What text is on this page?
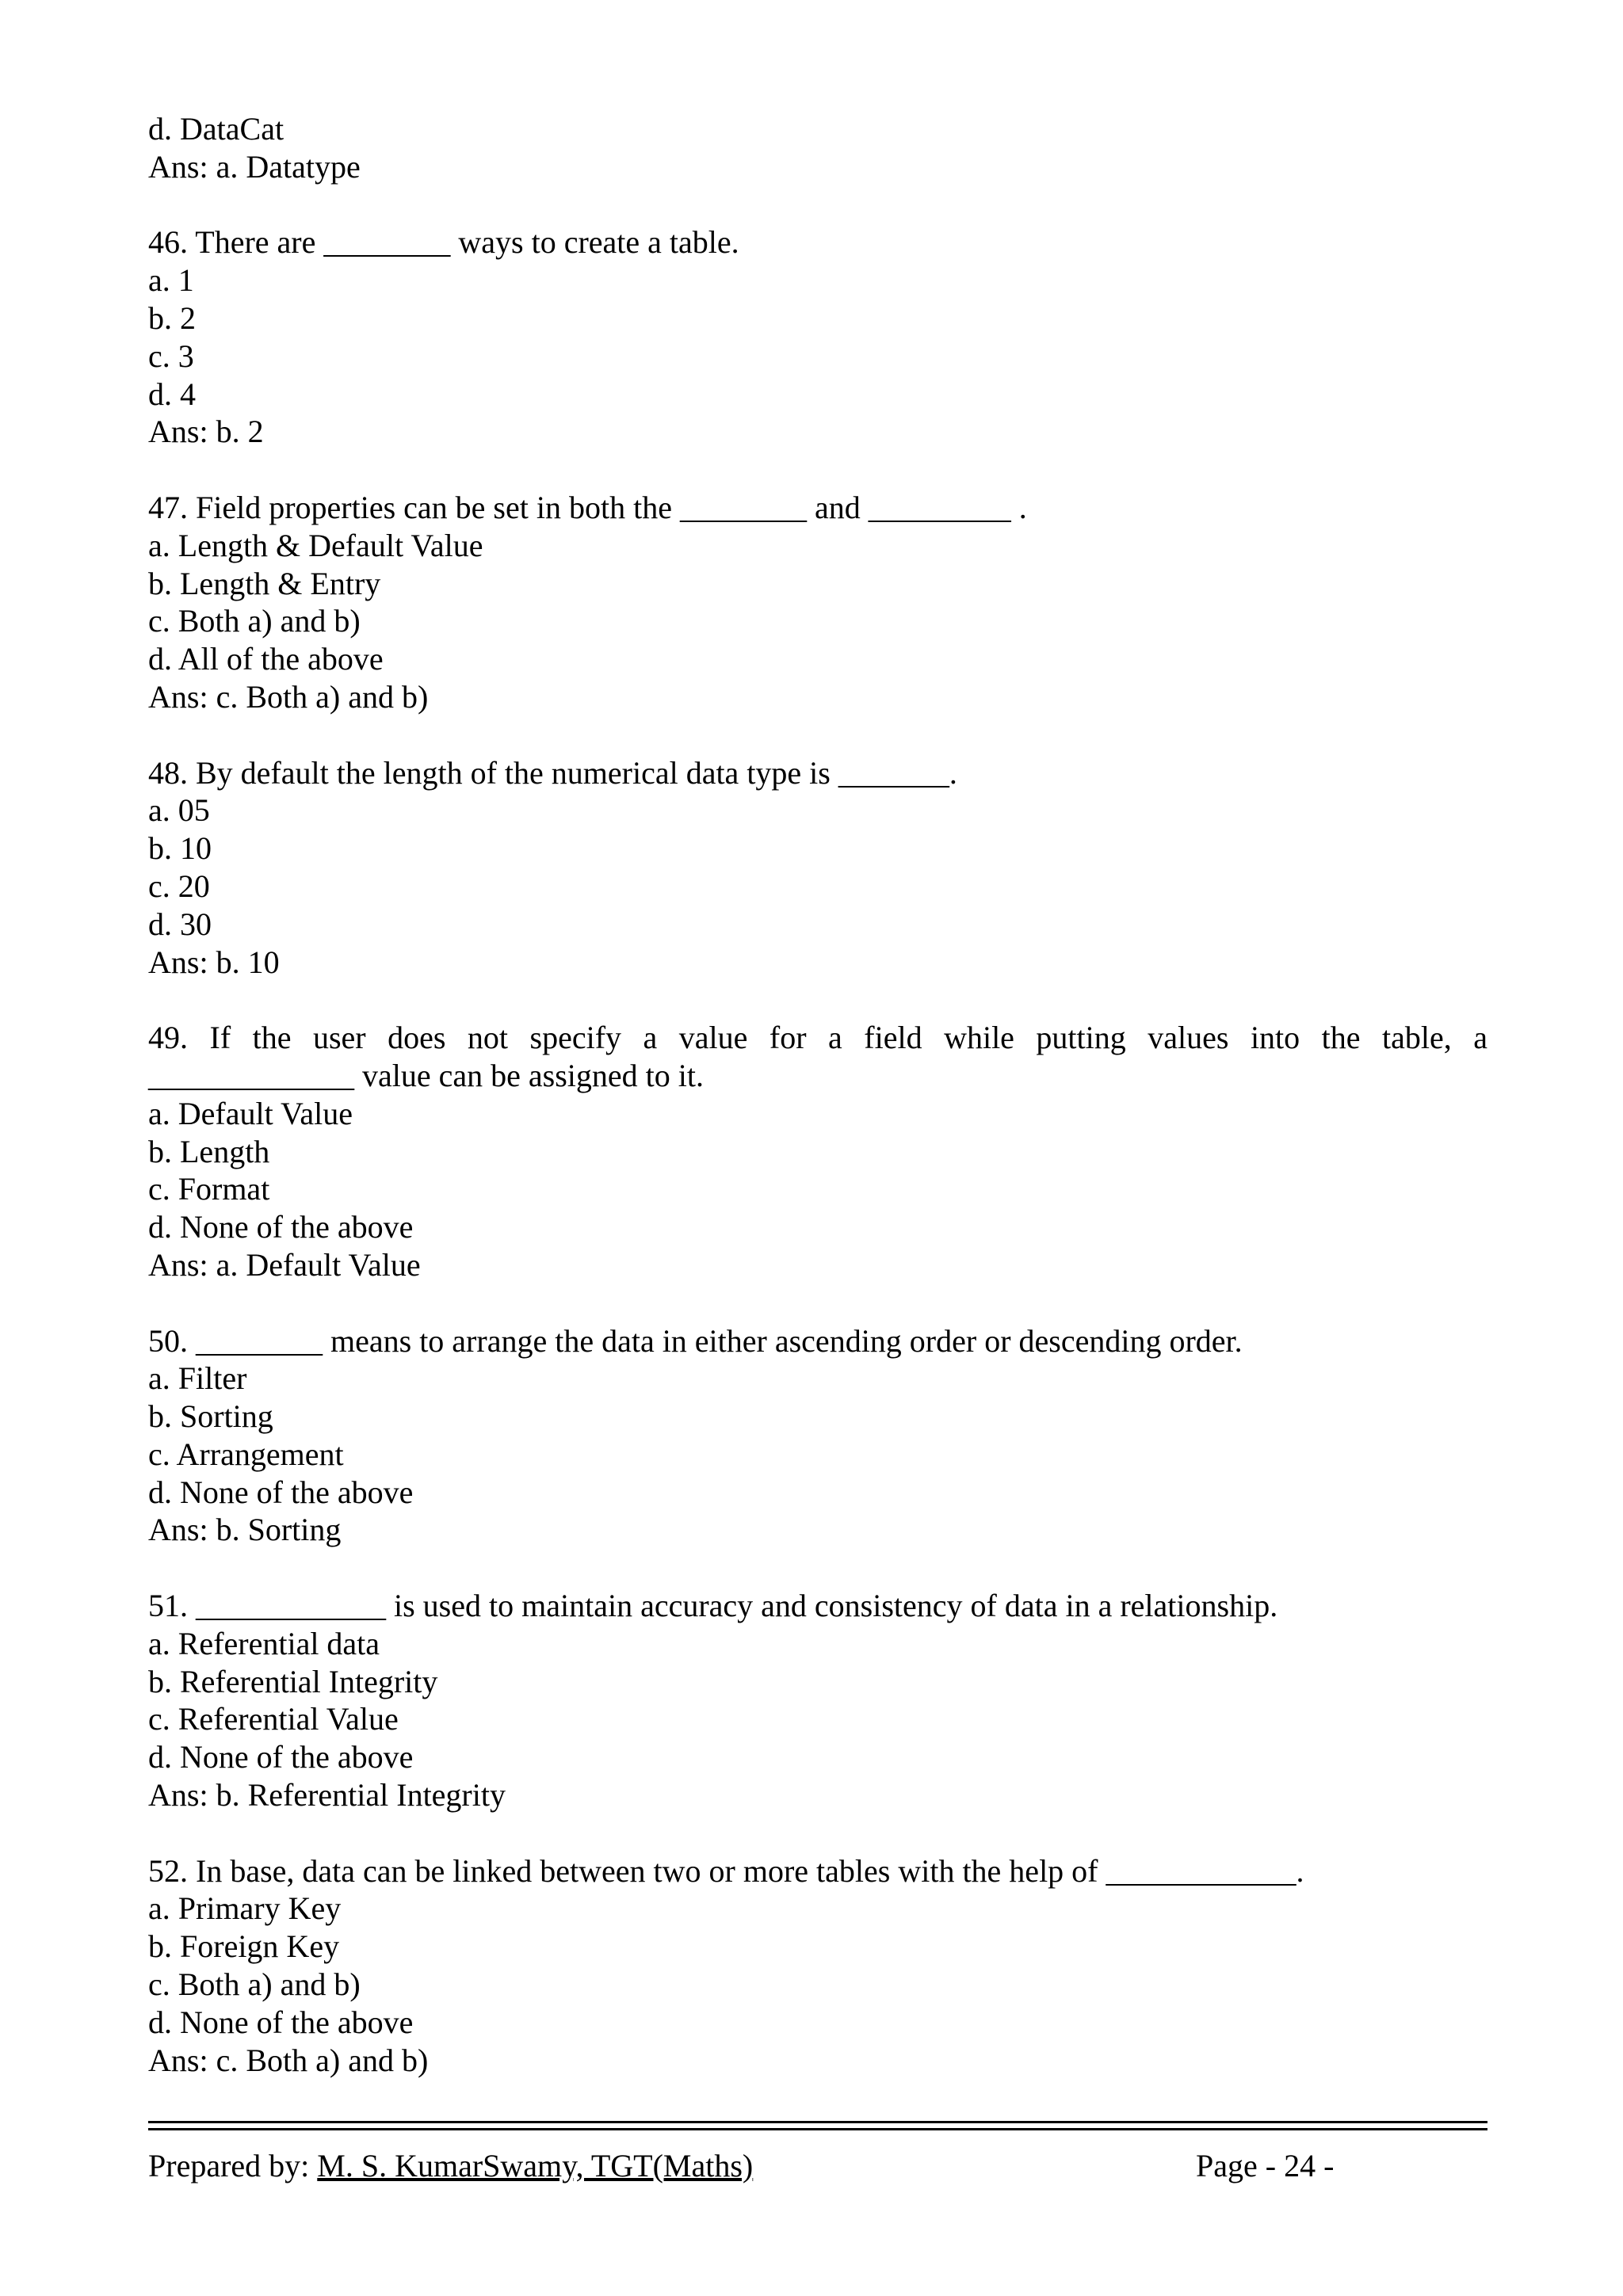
d. DataCat
Ans: a. Datatype
46. There are ________ ways to create a table.
a. 1
b. 2
c. 3
d. 4
Ans: b. 2
47. Field properties can be set in both the ________ and _________ .
a. Length & Default Value
b. Length & Entry
c. Both a) and b)
d. All of the above
Ans: c. Both a) and b)
48. By default the length of the numerical data type is _______.
a. 05
b. 10
c. 20
d. 30
Ans: b. 10
49. If the user does not specify a value for a field while putting values into the table, a
_____________ value can be assigned to it.
a. Default Value
b. Length
c. Format
d. None of the above
Ans: a. Default Value
50. ________ means to arrange the data in either ascending order or descending order.
a. Filter
b. Sorting
c. Arrangement
d. None of the above
Ans: b. Sorting
51. ____________ is used to maintain accuracy and consistency of data in a relationship.
a. Referential data
b. Referential Integrity
c. Referential Value
d. None of the above
Ans: b. Referential Integrity
52. In base, data can be linked between two or more tables with the help of ____________.
a. Primary Key
b. Foreign Key
c. Both a) and b)
d. None of the above
Ans: c. Both a) and b)
Prepared by: M. S. KumarSwamy, TGT(Maths)	Page - 24 -
